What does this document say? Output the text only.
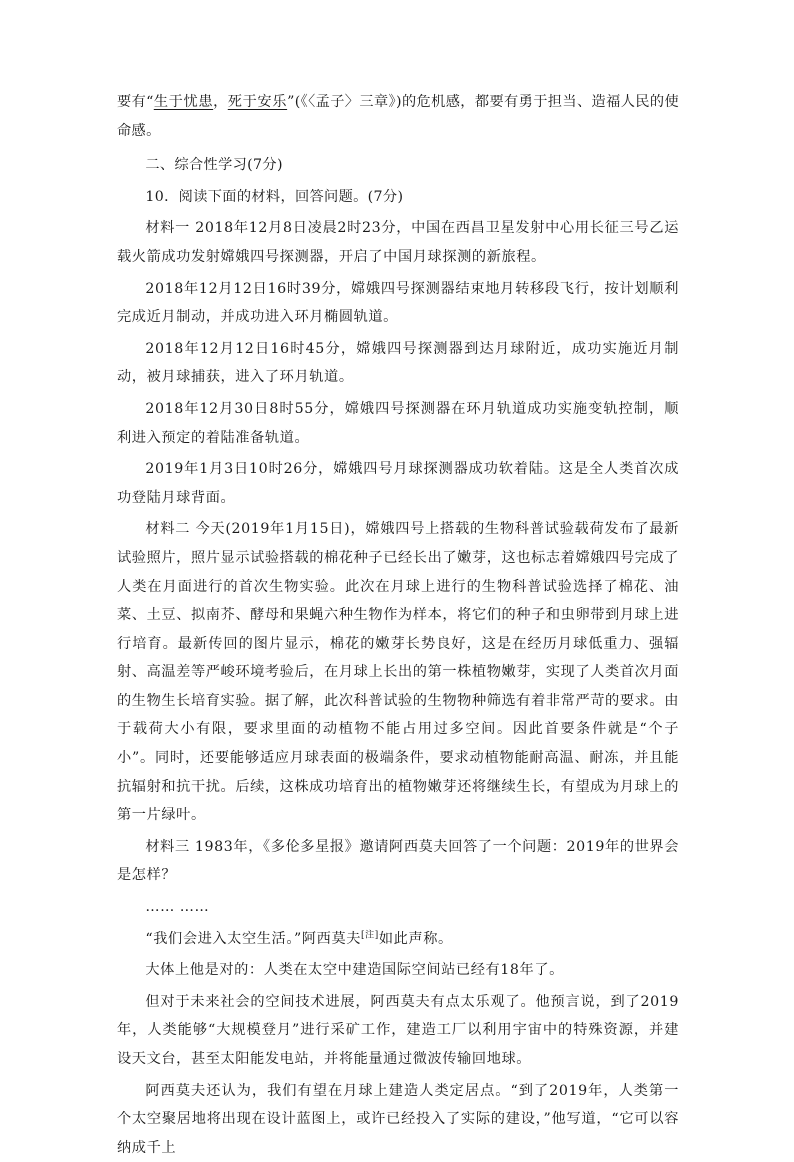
要有“生于忧患，死于安乐”(《〈孟子〉三章》)的危机感，都要有勇于担当、造福人民的使命感。

二、综合性学习(7分)

10．阅读下面的材料，回答问题。(7分)

材料一 2018年12月8日凌晨2时23分，中国在西昌卫星发射中心用长征三号乙运载火箭成功发射嫦娥四号探测器，开启了中国月球探测的新旅程。

2018年12月12日16时39分，嫦娥四号探测器结束地月转移段飞行，按计划顺利完成近月制动，并成功进入环月椭圆轨道。

2018年12月12日16时45分，嫦娥四号探测器到达月球附近，成功实施近月制动，被月球捕获，进入了环月轨道。

2018年12月30日8时55分，嫦娥四号探测器在环月轨道成功实施变轨控制，顺利进入预定的着陆准备轨道。

2019年1月3日10时26分，嫦娥四号月球探测器成功软着陆。这是全人类首次成功登陆月球背面。

材料二 今天(2019年1月15日)，嫦娥四号上搭载的生物科普试验载荷发布了最新试验照片，照片显示试验搭载的棉花种子已经长出了嫩芽，这也标志着嫦娥四号完成了人类在月面进行的首次生物实验。此次在月球上进行的生物科普试验选择了棉花、油菜、土豆、拟南芥、酵母和果蝇六种生物作为样本，将它们的种子和虫卵带到月球上进行培育。最新传回的图片显示，棉花的嫩芽长势良好，这是在经历月球低重力、强辐射、高温差等严峻环境考验后，在月球上长出的第一株植物嫩芽，实现了人类首次月面的生物生长培育实验。据了解，此次科普试验的生物物种筛选有着非常严苛的要求。由于载荷大小有限，要求里面的动植物不能占用过多空间。因此首要条件就是“个子小”。同时，还要能够适应月球表面的极端条件，要求动植物能耐高温、耐冻，并且能抗辐射和抗干扰。后续，这株成功培育出的植物嫩芽还将继续生长，有望成为月球上的第一片绿叶。

材料三 1983年，《多伦多星报》邀请阿西莫夫回答了一个问题：2019年的世界会是怎样？

…… ……

“我们会进入太空生活。”阿西莫夫[注]如此声称。

大体上他是对的：人类在太空中建造国际空间站已经有18年了。

但对于未来社会的空间技术进展，阿西莫夫有点太乐观了。他预言说，到了2019年，人类能够“大规模登月”进行采矿工作，建造工厂以利用宇宙中的特殊资源，并建设天文台，甚至太阳能发电站，并将能量通过微波传输回地球。

阿西莫夫还认为，我们有望在月球上建造人类定居点。“到了2019年，人类第一个太空聚居地将出现在设计蓝图上，或许已经投入了实际的建设，”他写道，“它可以容纳成千上
